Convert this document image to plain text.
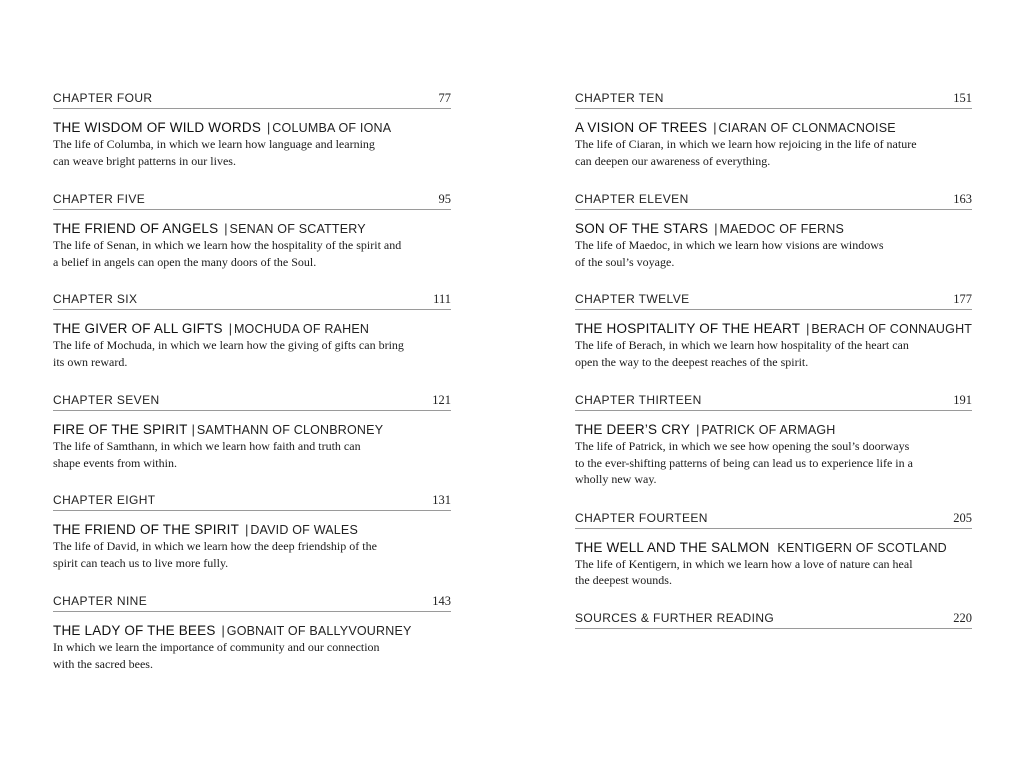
CHAPTER FOUR	77
THE WISDOM OF WILD WORDS | COLUMBA OF IONA
The life of Columba, in which we learn how language and learning
can weave bright patterns in our lives.
CHAPTER FIVE	95
THE FRIEND OF ANGELS | SENAN OF SCATTERY
The life of Senan, in which we learn how the hospitality of the spirit and
a belief in angels can open the many doors of the Soul.
CHAPTER SIX	111
THE GIVER OF ALL GIFTS | MOCHUDA OF RAHEN
The life of Mochuda, in which we learn how the giving of gifts can bring
its own reward.
CHAPTER SEVEN	121
FIRE OF THE SPIRIT | SAMTHANN OF CLONBRONEY
The life of Samthann, in which we learn how faith and truth can
shape events from within.
CHAPTER EIGHT	131
THE FRIEND OF THE SPIRIT | DAVID OF WALES
The life of David, in which we learn how the deep friendship of the
spirit can teach us to live more fully.
CHAPTER NINE	143
THE LADY OF THE BEES | GOBNAIT OF BALLYVOURNEY
In which we learn the importance of community and our connection
with the sacred bees.
CHAPTER TEN	151
A VISION OF TREES | CIARAN OF CLONMACNOISE
The life of Ciaran, in which we learn how rejoicing in the life of nature
can deepen our awareness of everything.
CHAPTER ELEVEN	163
SON OF THE STARS | MAEDOC OF FERNS
The life of Maedoc, in which we learn how visions are windows
of the soul’s voyage.
CHAPTER TWELVE	177
THE HOSPITALITY OF THE HEART | BERACH OF CONNAUGHT
The life of Berach, in which we learn how hospitality of the heart can
open the way to the deepest reaches of the spirit.
CHAPTER THIRTEEN	191
THE DEER’S CRY | PATRICK OF ARMAGH
The life of Patrick, in which we see how opening the soul’s doorways
to the ever-shifting patterns of being can lead us to experience life in a
wholly new way.
CHAPTER FOURTEEN	205
THE WELL AND THE SALMON KENTIGERN OF SCOTLAND
The life of Kentigern, in which we learn how a love of nature can heal
the deepest wounds.
SOURCES & FURTHER READING	220
